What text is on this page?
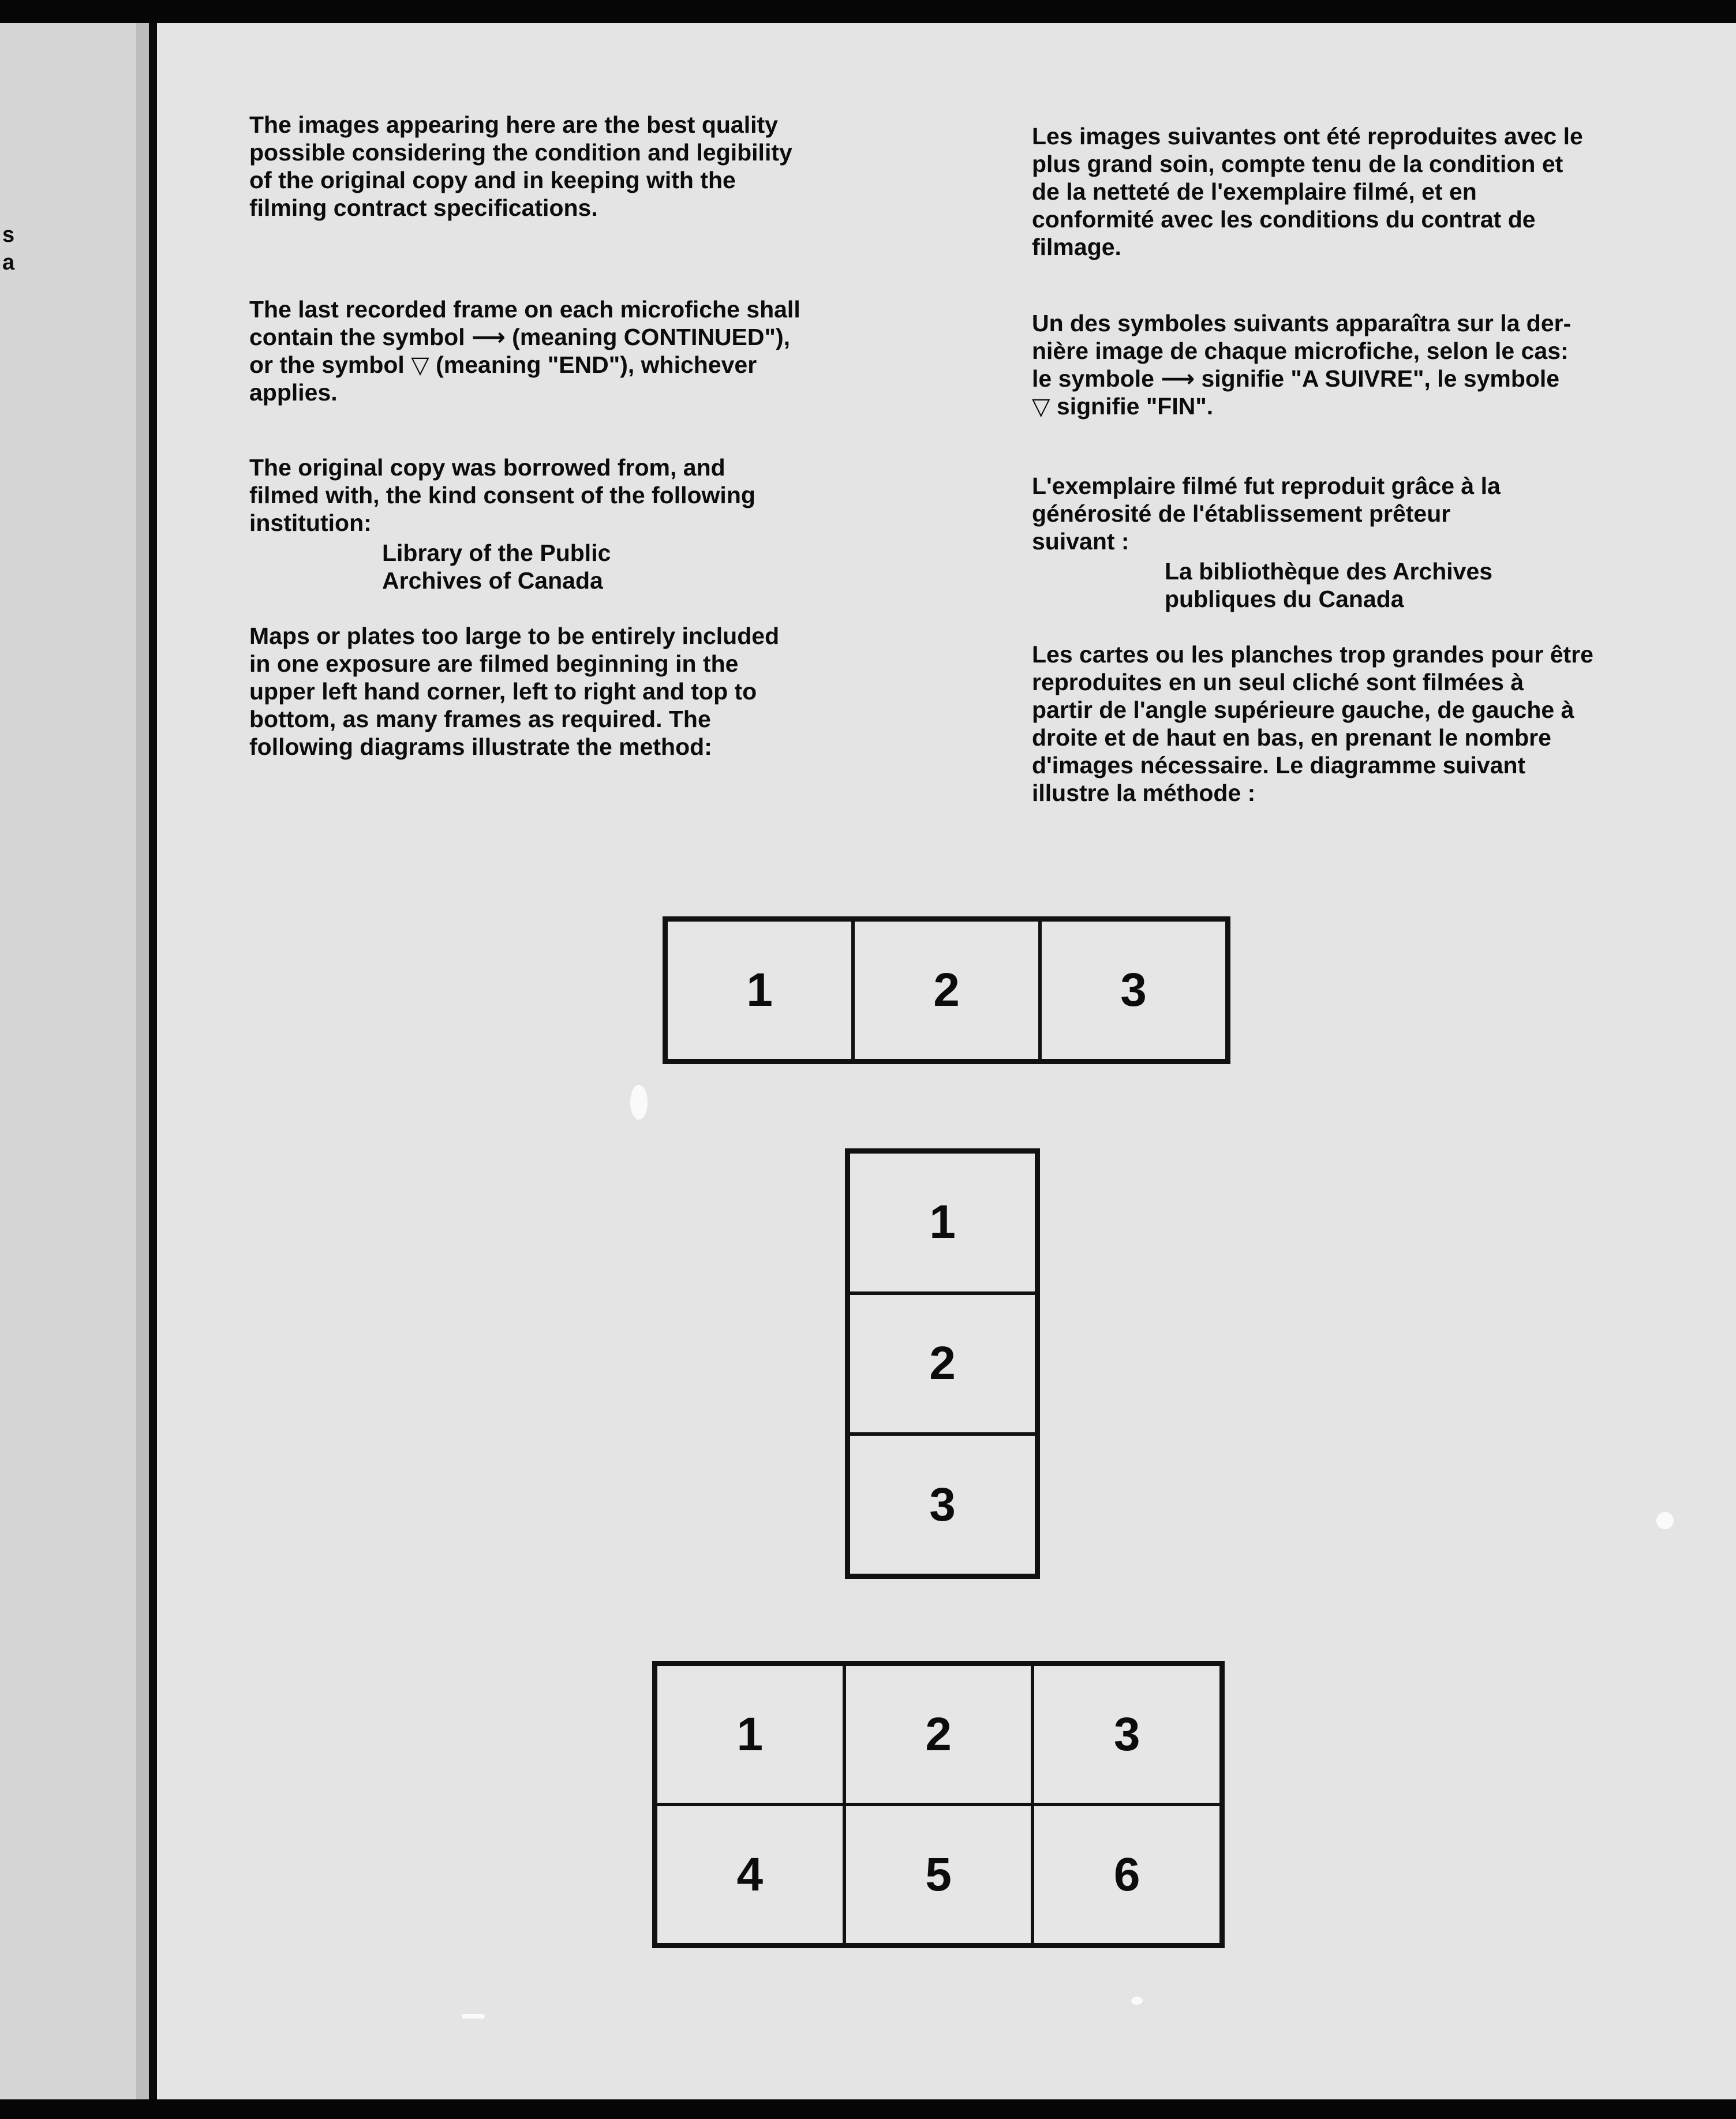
s
a

The images appearing here are the best quality
possible considering the condition and legibility
of the original copy and in keeping with the
filming contract specifications.

The last recorded frame on each microfiche shall
contain the symbol ⟶ (meaning CONTINUED"),
or the symbol ▽ (meaning "END"), whichever
applies.

The original copy was borrowed from, and
filmed with, the kind consent of the following
institution:

Library of the Public
Archives of Canada

Maps or plates too large to be entirely included
in one exposure are filmed beginning in the
upper left hand corner, left to right and top to
bottom, as many frames as required. The
following diagrams illustrate the method:

Les images suivantes ont été reproduites avec le
plus grand soin, compte tenu de la condition et
de la netteté de l'exemplaire filmé, et en
conformité avec les conditions du contrat de
filmage.

Un des symboles suivants apparaîtra sur la der-
nière image de chaque microfiche, selon le cas:
le symbole ⟶ signifie "A SUIVRE", le symbole
▽ signifie "FIN".

L'exemplaire filmé fut reproduit grâce à la
générosité de l'établissement prêteur
suivant :

La bibliothèque des Archives
publiques du Canada

Les cartes ou les planches trop grandes pour être
reproduites en un seul cliché sont filmées à
partir de l'angle supérieure gauche, de gauche à
droite et de haut en bas, en prenant le nombre
d'images nécessaire. Le diagramme suivant
illustre la méthode :

1	2	3
1
2
3
1	2	3
4	5	6
